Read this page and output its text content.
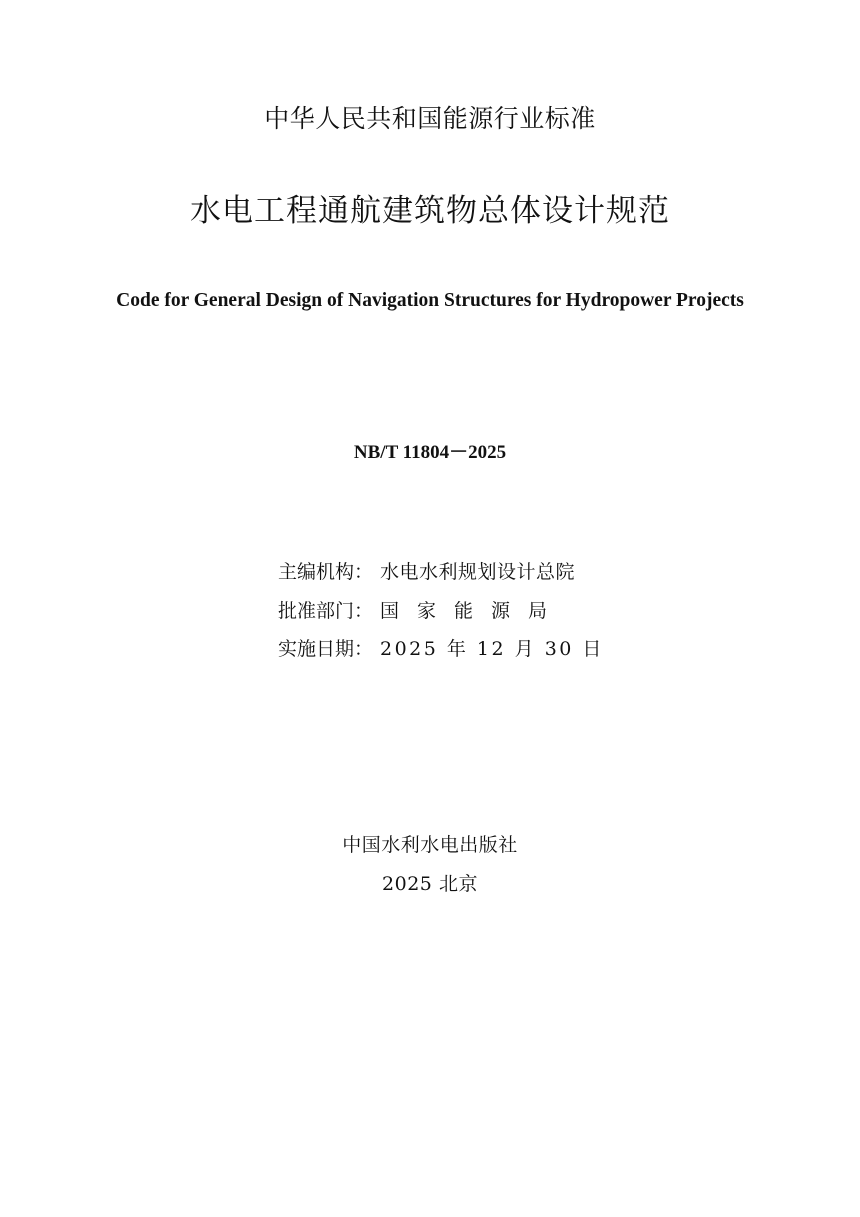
中华人民共和国能源行业标准
水电工程通航建筑物总体设计规范
Code for General Design of Navigation Structures for Hydropower Projects
NB/T 11804－2025
主编机构： 水电水利规划设计总院
批准部门： 国家能源局
实施日期： 2025 年 12 月 30 日
中国水利水电出版社
2025 北京
